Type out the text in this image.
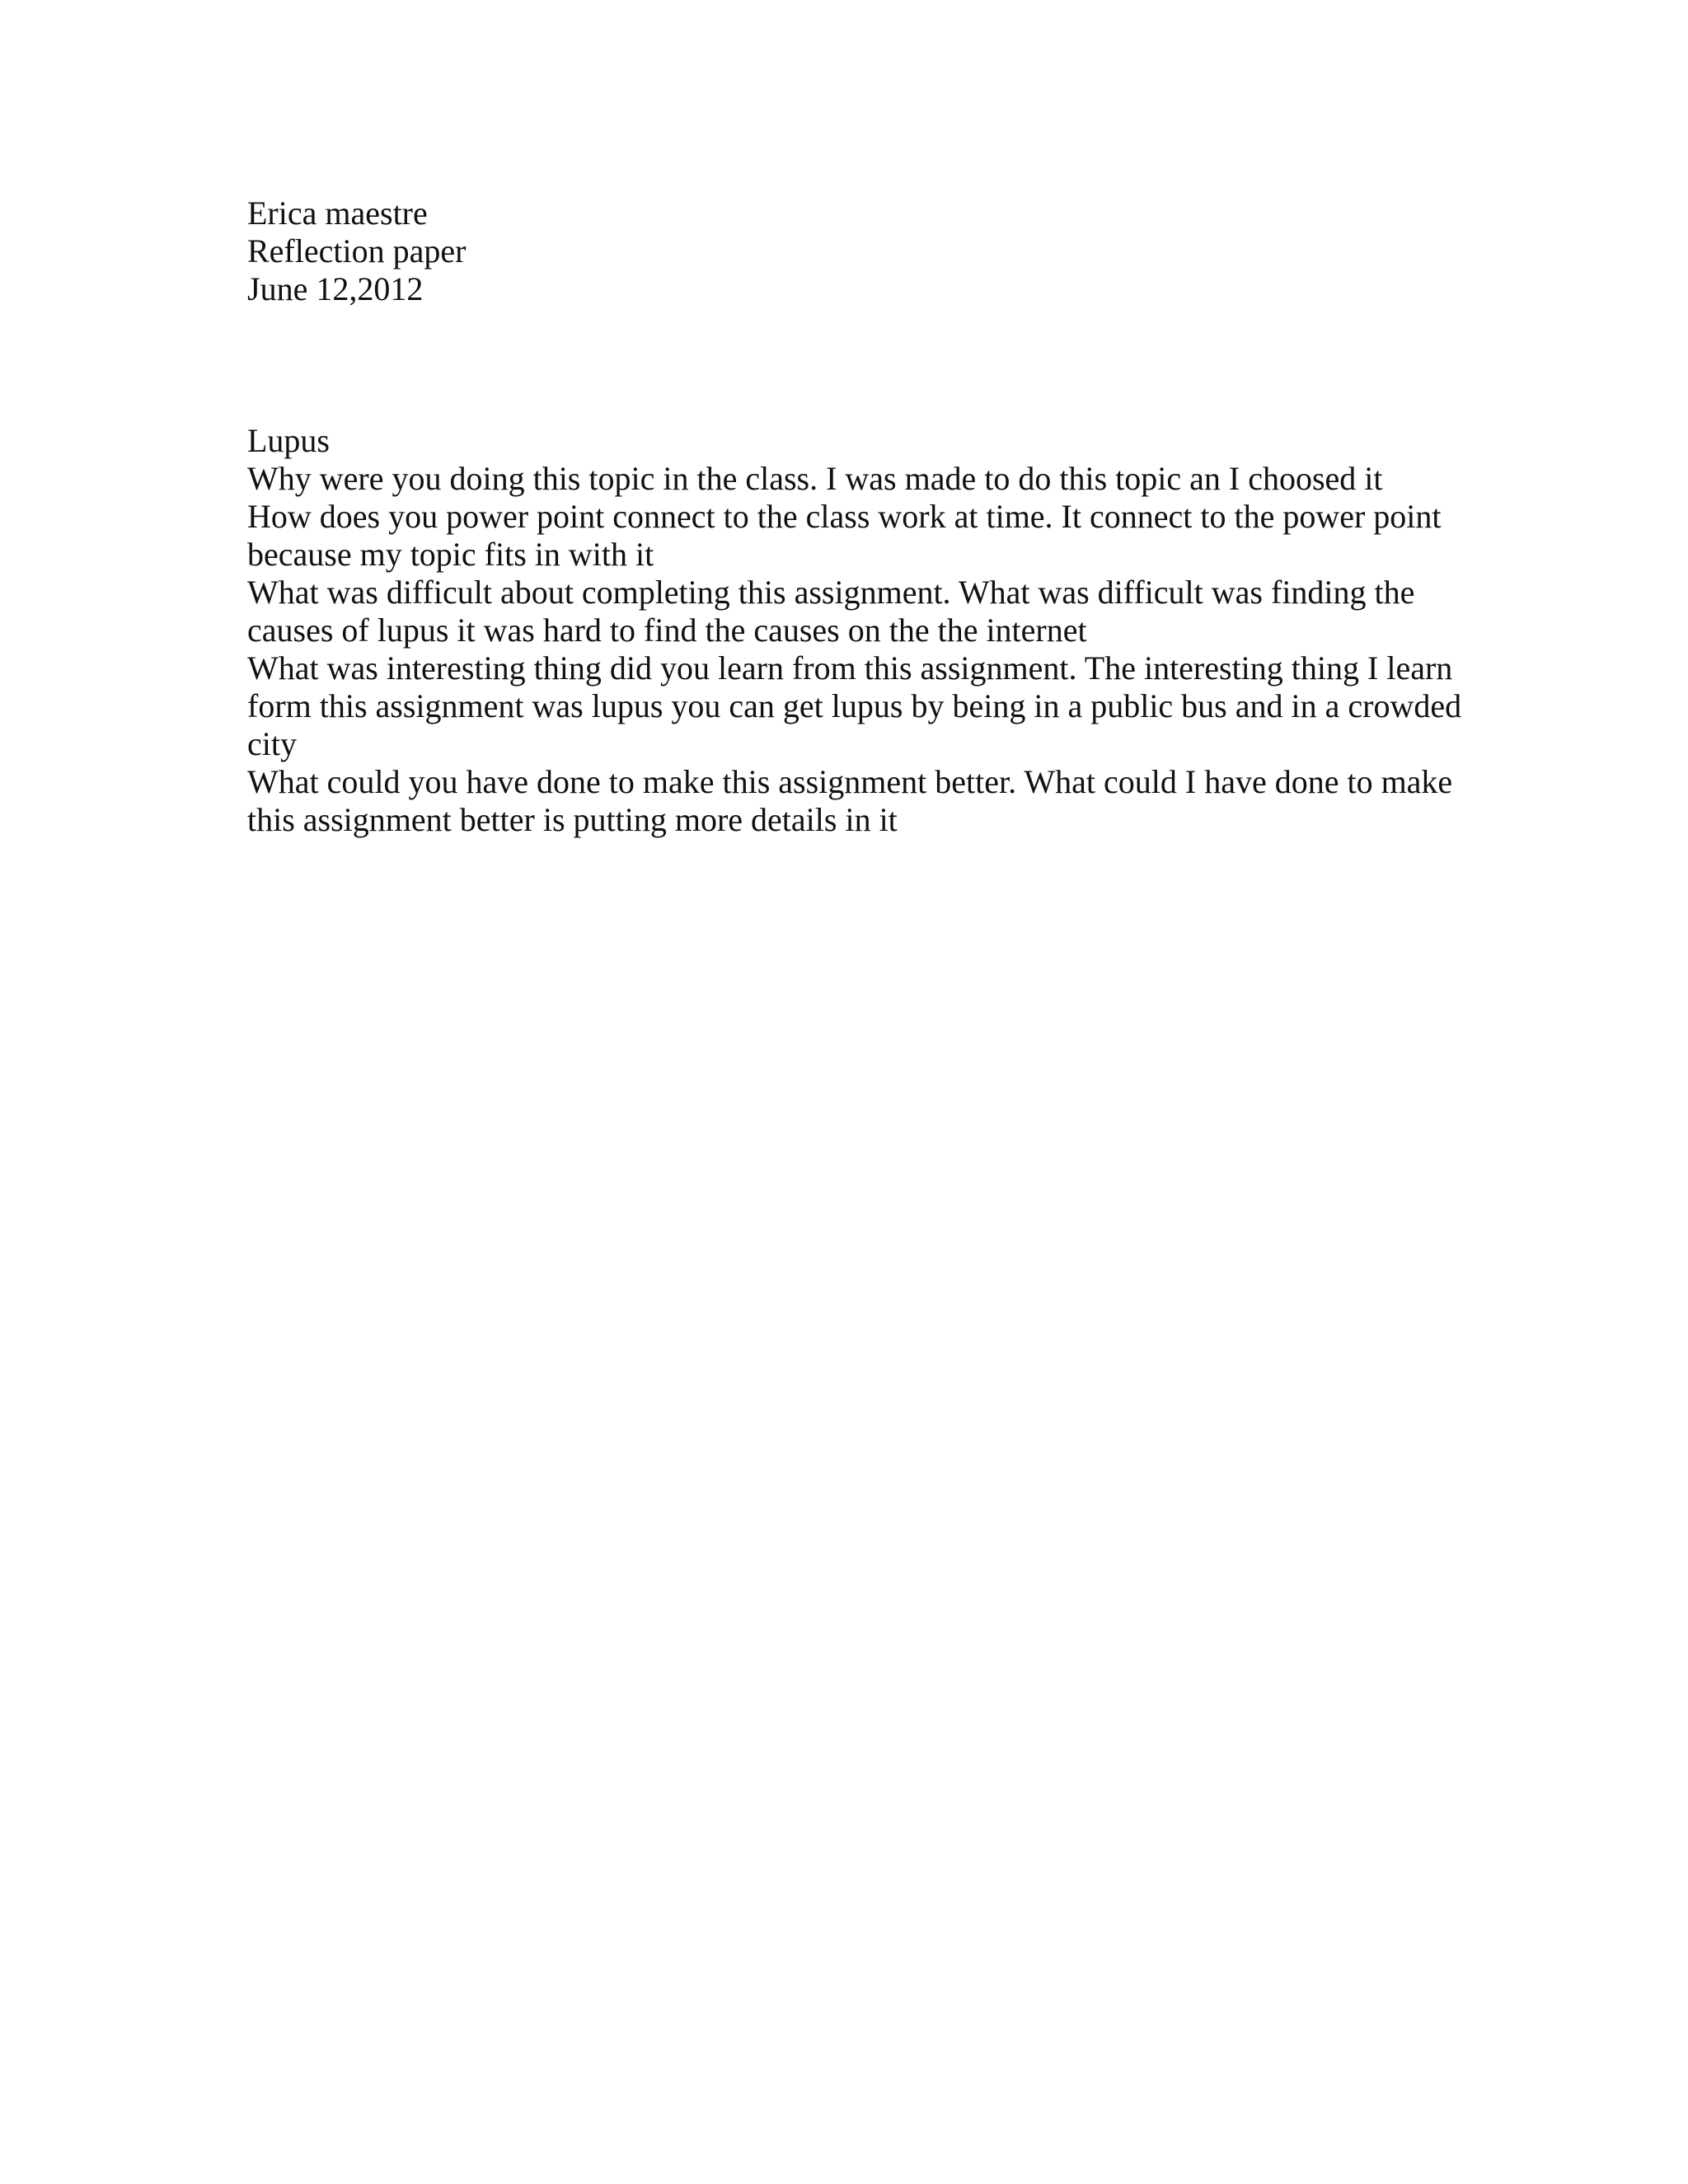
Erica maestre

Reflection paper

June 12,2012

Lupus

Why were you doing this topic in the class. I was made to do this topic an I choosed it

How does you power point connect to the class work at time. It connect to the power point because my topic fits in with it

What was difficult about completing this assignment. What was difficult was finding the causes of lupus it was hard to find the causes on the the internet

What was interesting thing did you learn from this assignment. The interesting thing I learn form this assignment was lupus you can get lupus by being in a public bus and in a crowded city

What could you have done to make this assignment better. What could I have done to make this assignment better is putting more details in it
